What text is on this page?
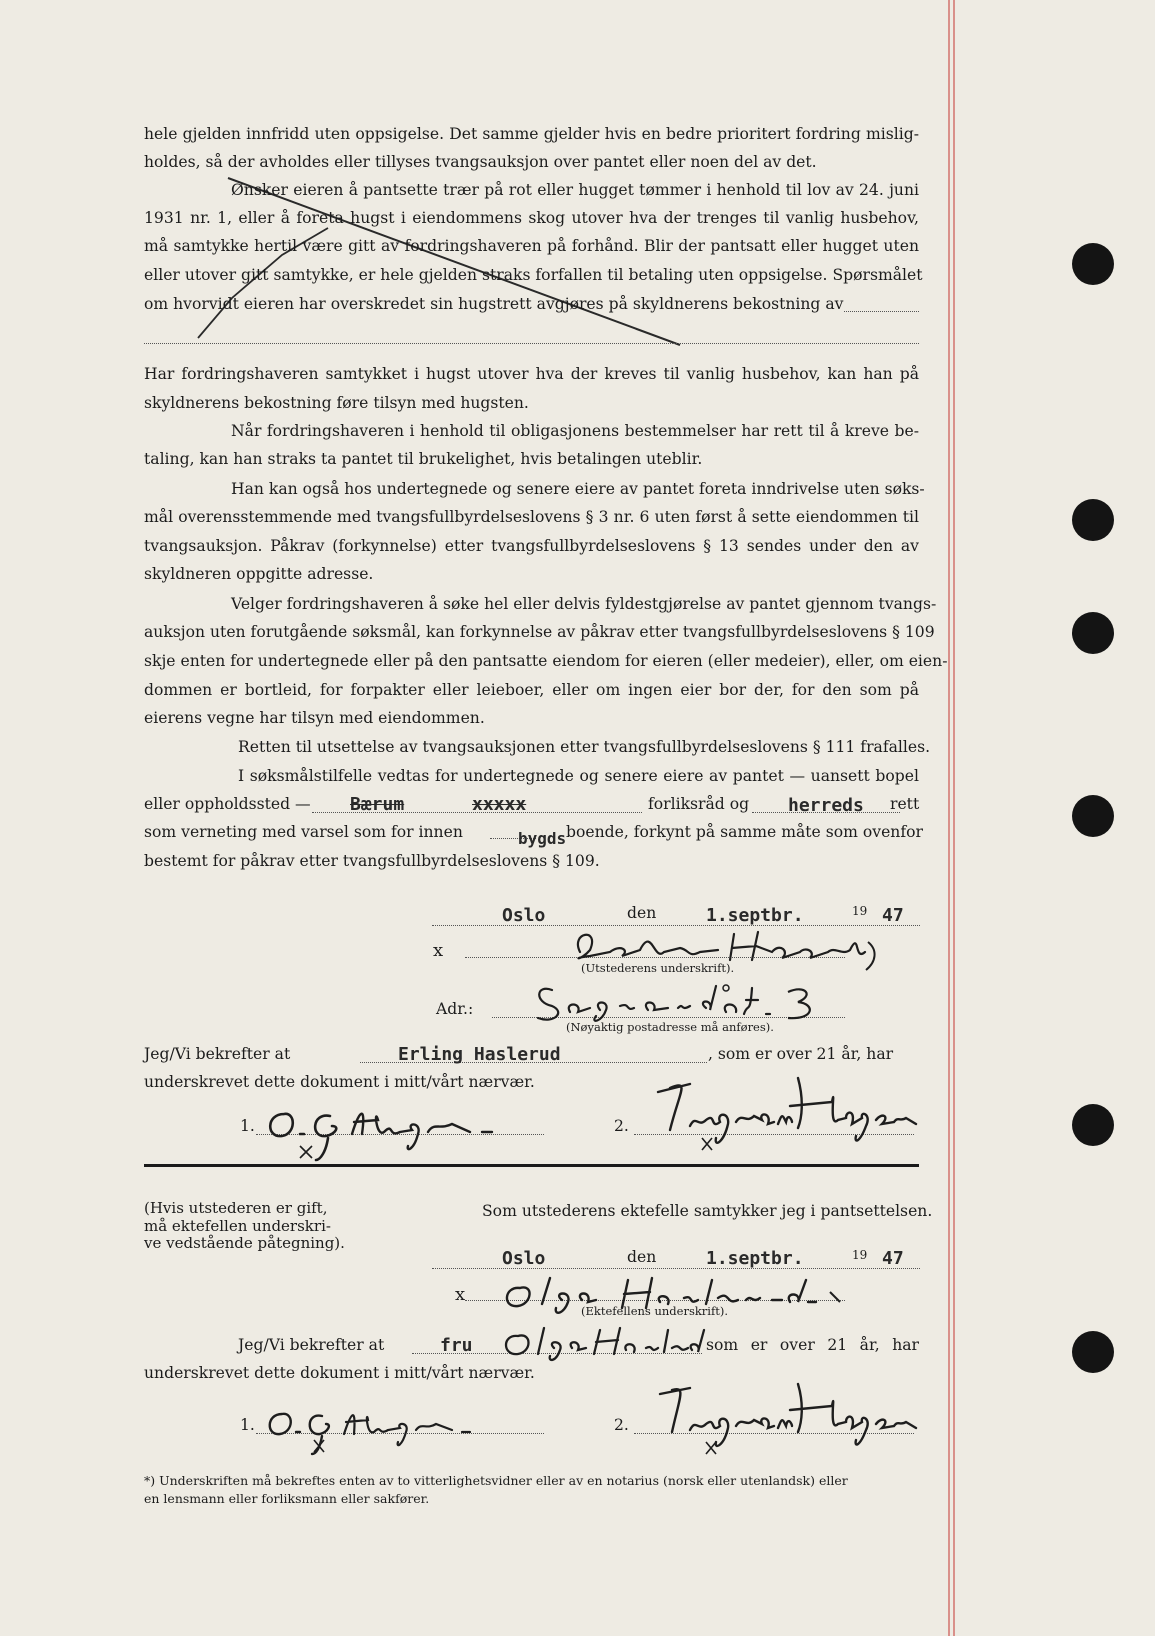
hele gjelden innfridd uten oppsigelse. Det samme gjelder hvis en bedre prioritert fordring mislig-
holdes, så der avholdes eller tillyses tvangsauksjon over pantet eller noen del av det.
Ønsker eieren å pantsette trær på rot eller hugget tømmer i henhold til lov av 24. juni
1931 nr. 1, eller å foreta hugst i eiendommens skog utover hva der trenges til vanlig husbehov,
må samtykke hertil være gitt av fordringshaveren på forhånd. Blir der pantsatt eller hugget uten
eller utover gitt samtykke, er hele gjelden straks forfallen til betaling uten oppsigelse. Spørsmålet
om hvorvidt eieren har overskredet sin hugstrett avgjøres på skyldnerens bekostning av
Har fordringshaveren samtykket i hugst utover hva der kreves til vanlig husbehov, kan han på
skyldnerens bekostning føre tilsyn med hugsten.
Når fordringshaveren i henhold til obligasjonens bestemmelser har rett til å kreve be-
taling, kan han straks ta pantet til brukelighet, hvis betalingen uteblir.
Han kan også hos undertegnede og senere eiere av pantet foreta inndrivelse uten søks-
mål overensstemmende med tvangsfullbyrdelseslovens § 3 nr. 6 uten først å sette eiendommen til
tvangsauksjon. Påkrav (forkynnelse) etter tvangsfullbyrdelseslovens § 13 sendes under den av
skyldneren oppgitte adresse.
Velger fordringshaveren å søke hel eller delvis fyldestgjørelse av pantet gjennom tvangs-
auksjon uten forutgående søksmål, kan forkynnelse av påkrav etter tvangsfullbyrdelseslovens § 109
skje enten for undertegnede eller på den pantsatte eiendom for eieren (eller medeier), eller, om eien-
dommen er bortleid, for forpakter eller leieboer, eller om ingen eier bor der, for den som på
eierens vegne har tilsyn med eiendommen.
Retten til utsettelse av tvangsauksjonen etter tvangsfullbyrdelseslovens § 111 frafalles.
I søksmålstilfelle vedtas for undertegnede og senere eiere av pantet — uansett bopel
eller oppholdssted — Bærum	xxxxx	forliksråd og herreds rett
som verneting med varsel som for innen	bygds boende, forkynt på samme måte som ovenfor
bestemt for påkrav etter tvangsfullbyrdelseslovens § 109.
Oslo	den	1.septbr.	19 47
x
(Utstederens underskrift).
Adr.:
(Nøyaktig postadresse må anføres).
Jeg/Vi bekrefter at	Erling Haslerud	, som er over 21 år, har
underskrevet dette dokument i mitt/vårt nærvær.
1.	2.
(Hvis utstederen er gift,
må ektefellen underskri-
ve vedstående påtegning).
Som utstederens ektefelle samtykker jeg i pantsettelsen.
Oslo	den	1.septbr.	19 47
x
(Ektefellens underskrift).
Jeg/Vi bekrefter at	fru	som er over 21 år, har
underskrevet dette dokument i mitt/vårt nærvær.
1.	2.
*) Underskriften må bekreftes enten av to vitterlighetsvidner eller av en notarius (norsk eller utenlandsk) eller
en lensmann eller forliksmann eller sakfører.
